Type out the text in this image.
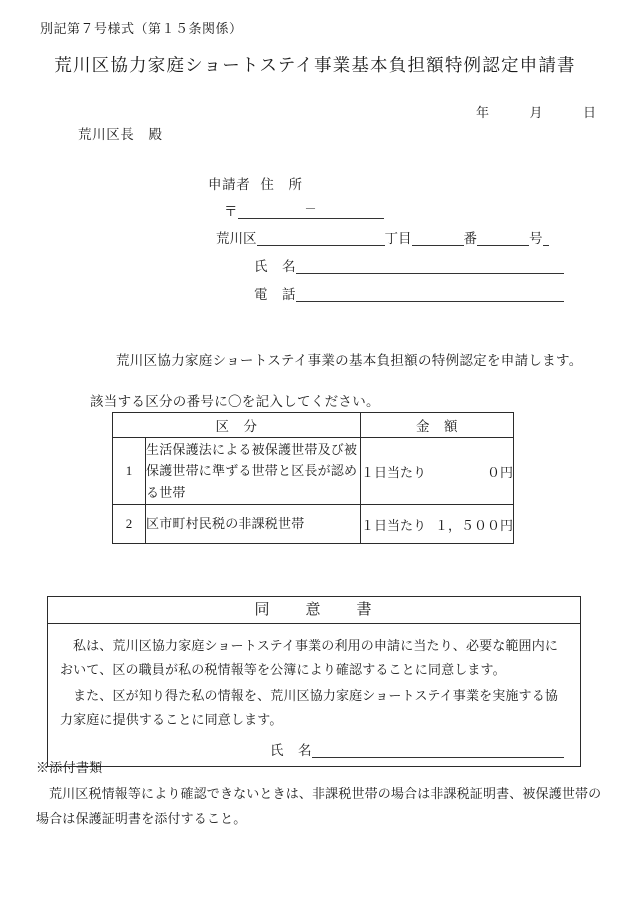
別記第７号様式（第１５条関係）
荒川区協力家庭ショートステイ事業基本負担額特例認定申請書
年	月	日
荒川区長　殿
申請者 住　所
〒	－
荒川区	丁目	番	号
氏　名
電　話
荒川区協力家庭ショートステイ事業の基本負担額の特例認定を申請します。
該当する区分の番号に〇を記入してください。
区　分		金　額
1	生活保護法による被保護世帯及び被保護世帯に準ずる世帯と区長が認める世帯	１日当たり ０円

2	区市町村民税の非課税世帯	１日当たり １，５００円
同　　意　　書

私は、荒川区協力家庭ショートステイ事業の利用の申請に当たり、必要な範囲内において、区の職員が私の税情報等を公簿により確認することに同意します。

また、区が知り得た私の情報を、荒川区協力家庭ショートステイ事業を実施する協力家庭に提供することに同意します。

氏　名
※添付書類
荒川区税情報等により確認できないときは、非課税世帯の場合は非課税証明書、被保護世帯の場合は保護証明書を添付すること。
